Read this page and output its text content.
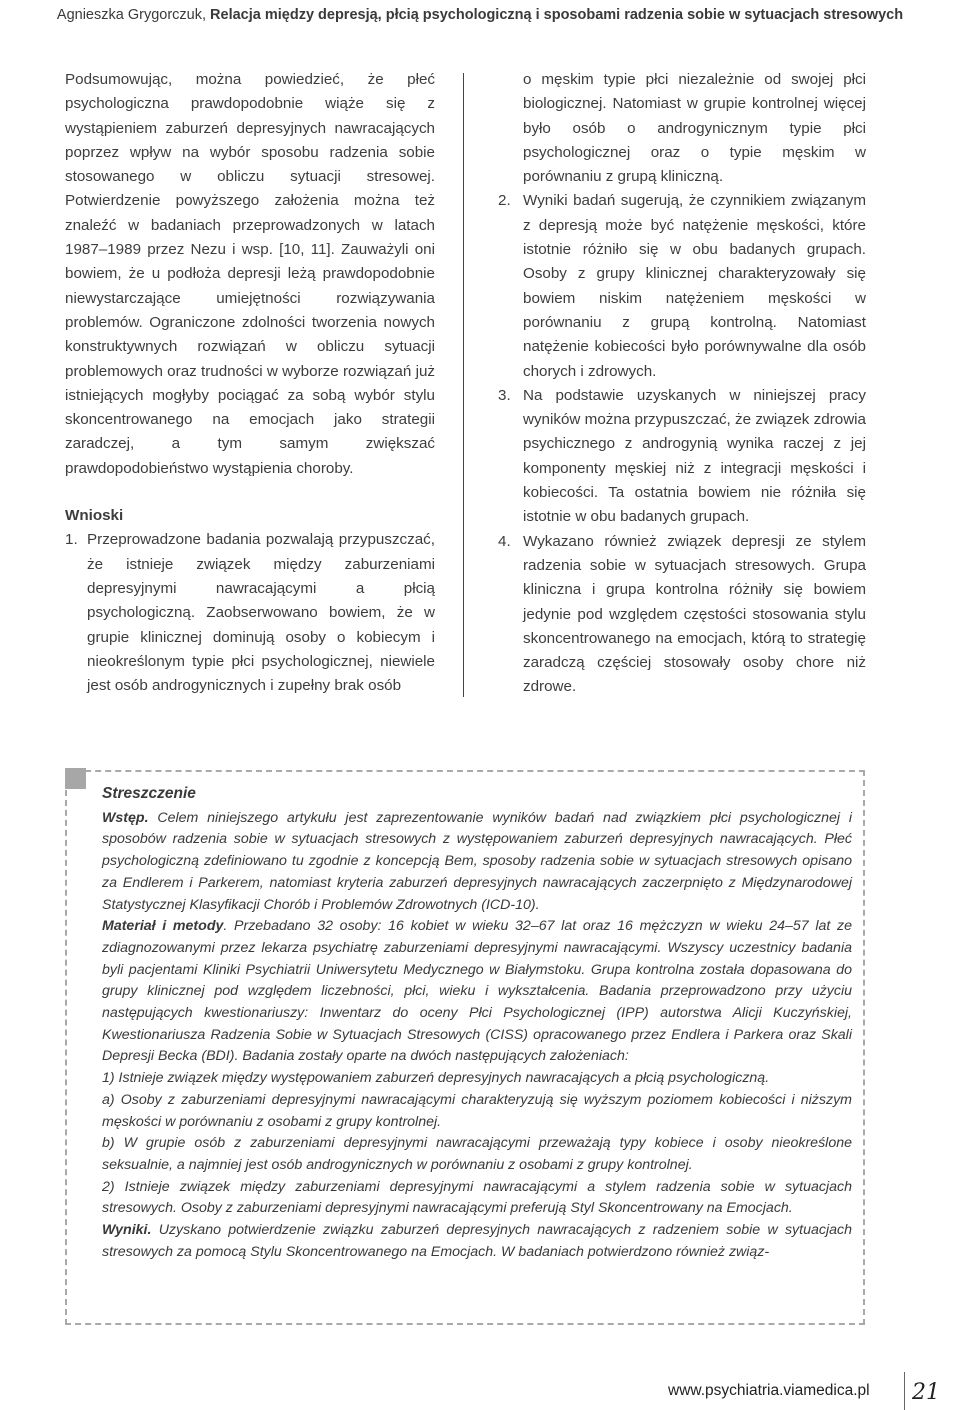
Agnieszka Grygorczuk, Relacja między depresją, płcią psychologiczną i sposobami radzenia sobie w sytuacjach stresowych

Podsumowując, można powiedzieć, że płeć psychologiczna prawdopodobnie wiąże się z wystąpieniem zaburzeń depresyjnych nawracających poprzez wpływ na wybór sposobu radzenia sobie stosowanego w obliczu sytuacji stresowej. Potwierdzenie powyższego założenia można też znaleźć w badaniach przeprowadzonych w latach 1987–1989 przez Nezu i wsp. [10, 11]. Zauważyli oni bowiem, że u podłoża depresji leżą prawdopodobnie niewystarczające umiejętności rozwiązywania problemów. Ograniczone zdolności tworzenia nowych konstruktywnych rozwiązań w obliczu sytuacji problemowych oraz trudności w wyborze rozwiązań już istniejących mogłyby pociągać za sobą wybór stylu skoncentrowanego na emocjach jako strategii zaradczej, a tym samym zwiększać prawdopodobieństwo wystąpienia choroby.

Wnioski

1. Przeprowadzone badania pozwalają przypuszczać, że istnieje związek między zaburzeniami depresyjnymi nawracającymi a płcią psychologiczną. Zaobserwowano bowiem, że w grupie klinicznej dominują osoby o kobiecym i nieokreślonym typie płci psychologicznej, niewiele jest osób androgynicznych i zupełny brak osób

o męskim typie płci niezależnie od swojej płci biologicznej. Natomiast w grupie kontrolnej więcej było osób o androgynicznym typie płci psychologicznej oraz o typie męskim w porównaniu z grupą kliniczną.

2. Wyniki badań sugerują, że czynnikiem związanym z depresją może być natężenie męskości, które istotnie różniło się w obu badanych grupach. Osoby z grupy klinicznej charakteryzowały się bowiem niskim natężeniem męskości w porównaniu z grupą kontrolną. Natomiast natężenie kobiecości było porównywalne dla osób chorych i zdrowych.

3. Na podstawie uzyskanych w niniejszej pracy wyników można przypuszczać, że związek zdrowia psychicznego z androgynią wynika raczej z jej komponenty męskiej niż z integracji męskości i kobiecości. Ta ostatnia bowiem nie różniła się istotnie w obu badanych grupach.

4. Wykazano również związek depresji ze stylem radzenia sobie w sytuacjach stresowych. Grupa kliniczna i grupa kontrolna różniły się bowiem jedynie pod względem częstości stosowania stylu skoncentrowanego na emocjach, którą to strategię zaradczą częściej stosowały osoby chore niż zdrowe.

Streszczenie

Wstęp. Celem niniejszego artykułu jest zaprezentowanie wyników badań nad związkiem płci psychologicznej i sposobów radzenia sobie w sytuacjach stresowych z występowaniem zaburzeń depresyjnych nawracających. Płeć psychologiczną zdefiniowano tu zgodnie z koncepcją Bem, sposoby radzenia sobie w sytuacjach stresowych opisano za Endlerem i Parkerem, natomiast kryteria zaburzeń depresyjnych nawracających zaczerpnięto z Międzynarodowej Statystycznej Klasyfikacji Chorób i Problemów Zdrowotnych (ICD-10).

Materiał i metody. Przebadano 32 osoby: 16 kobiet w wieku 32–67 lat oraz 16 mężczyzn w wieku 24–57 lat ze zdiagnozowanymi przez lekarza psychiatrę zaburzeniami depresyjnymi nawracającymi. Wszyscy uczestnicy badania byli pacjentami Kliniki Psychiatrii Uniwersytetu Medycznego w Białymstoku. Grupa kontrolna została dopasowana do grupy klinicznej pod względem liczebności, płci, wieku i wykształcenia. Badania przeprowadzono przy użyciu następujących kwestionariuszy: Inwentarz do oceny Płci Psychologicznej (IPP) autorstwa Alicji Kuczyńskiej, Kwestionariusza Radzenia Sobie w Sytuacjach Stresowych (CISS) opracowanego przez Endlera i Parkera oraz Skali Depresji Becka (BDI). Badania zostały oparte na dwóch następujących założeniach:

1) Istnieje związek między występowaniem zaburzeń depresyjnych nawracających a płcią psychologiczną.

a) Osoby z zaburzeniami depresyjnymi nawracającymi charakteryzują się wyższym poziomem kobiecości i niższym męskości w porównaniu z osobami z grupy kontrolnej.

b) W grupie osób z zaburzeniami depresyjnymi nawracającymi przeważają typy kobiece i osoby nieokreślone seksualnie, a najmniej jest osób androgynicznych w porównaniu z osobami z grupy kontrolnej.

2) Istnieje związek między zaburzeniami depresyjnymi nawracającymi a stylem radzenia sobie w sytuacjach stresowych. Osoby z zaburzeniami depresyjnymi nawracającymi preferują Styl Skoncentrowany na Emocjach.

Wyniki. Uzyskano potwierdzenie związku zaburzeń depresyjnych nawracających z radzeniem sobie w sytuacjach stresowych za pomocą Stylu Skoncentrowanego na Emocjach. W badaniach potwierdzono również związ-

www.psychiatria.viamedica.pl 21
